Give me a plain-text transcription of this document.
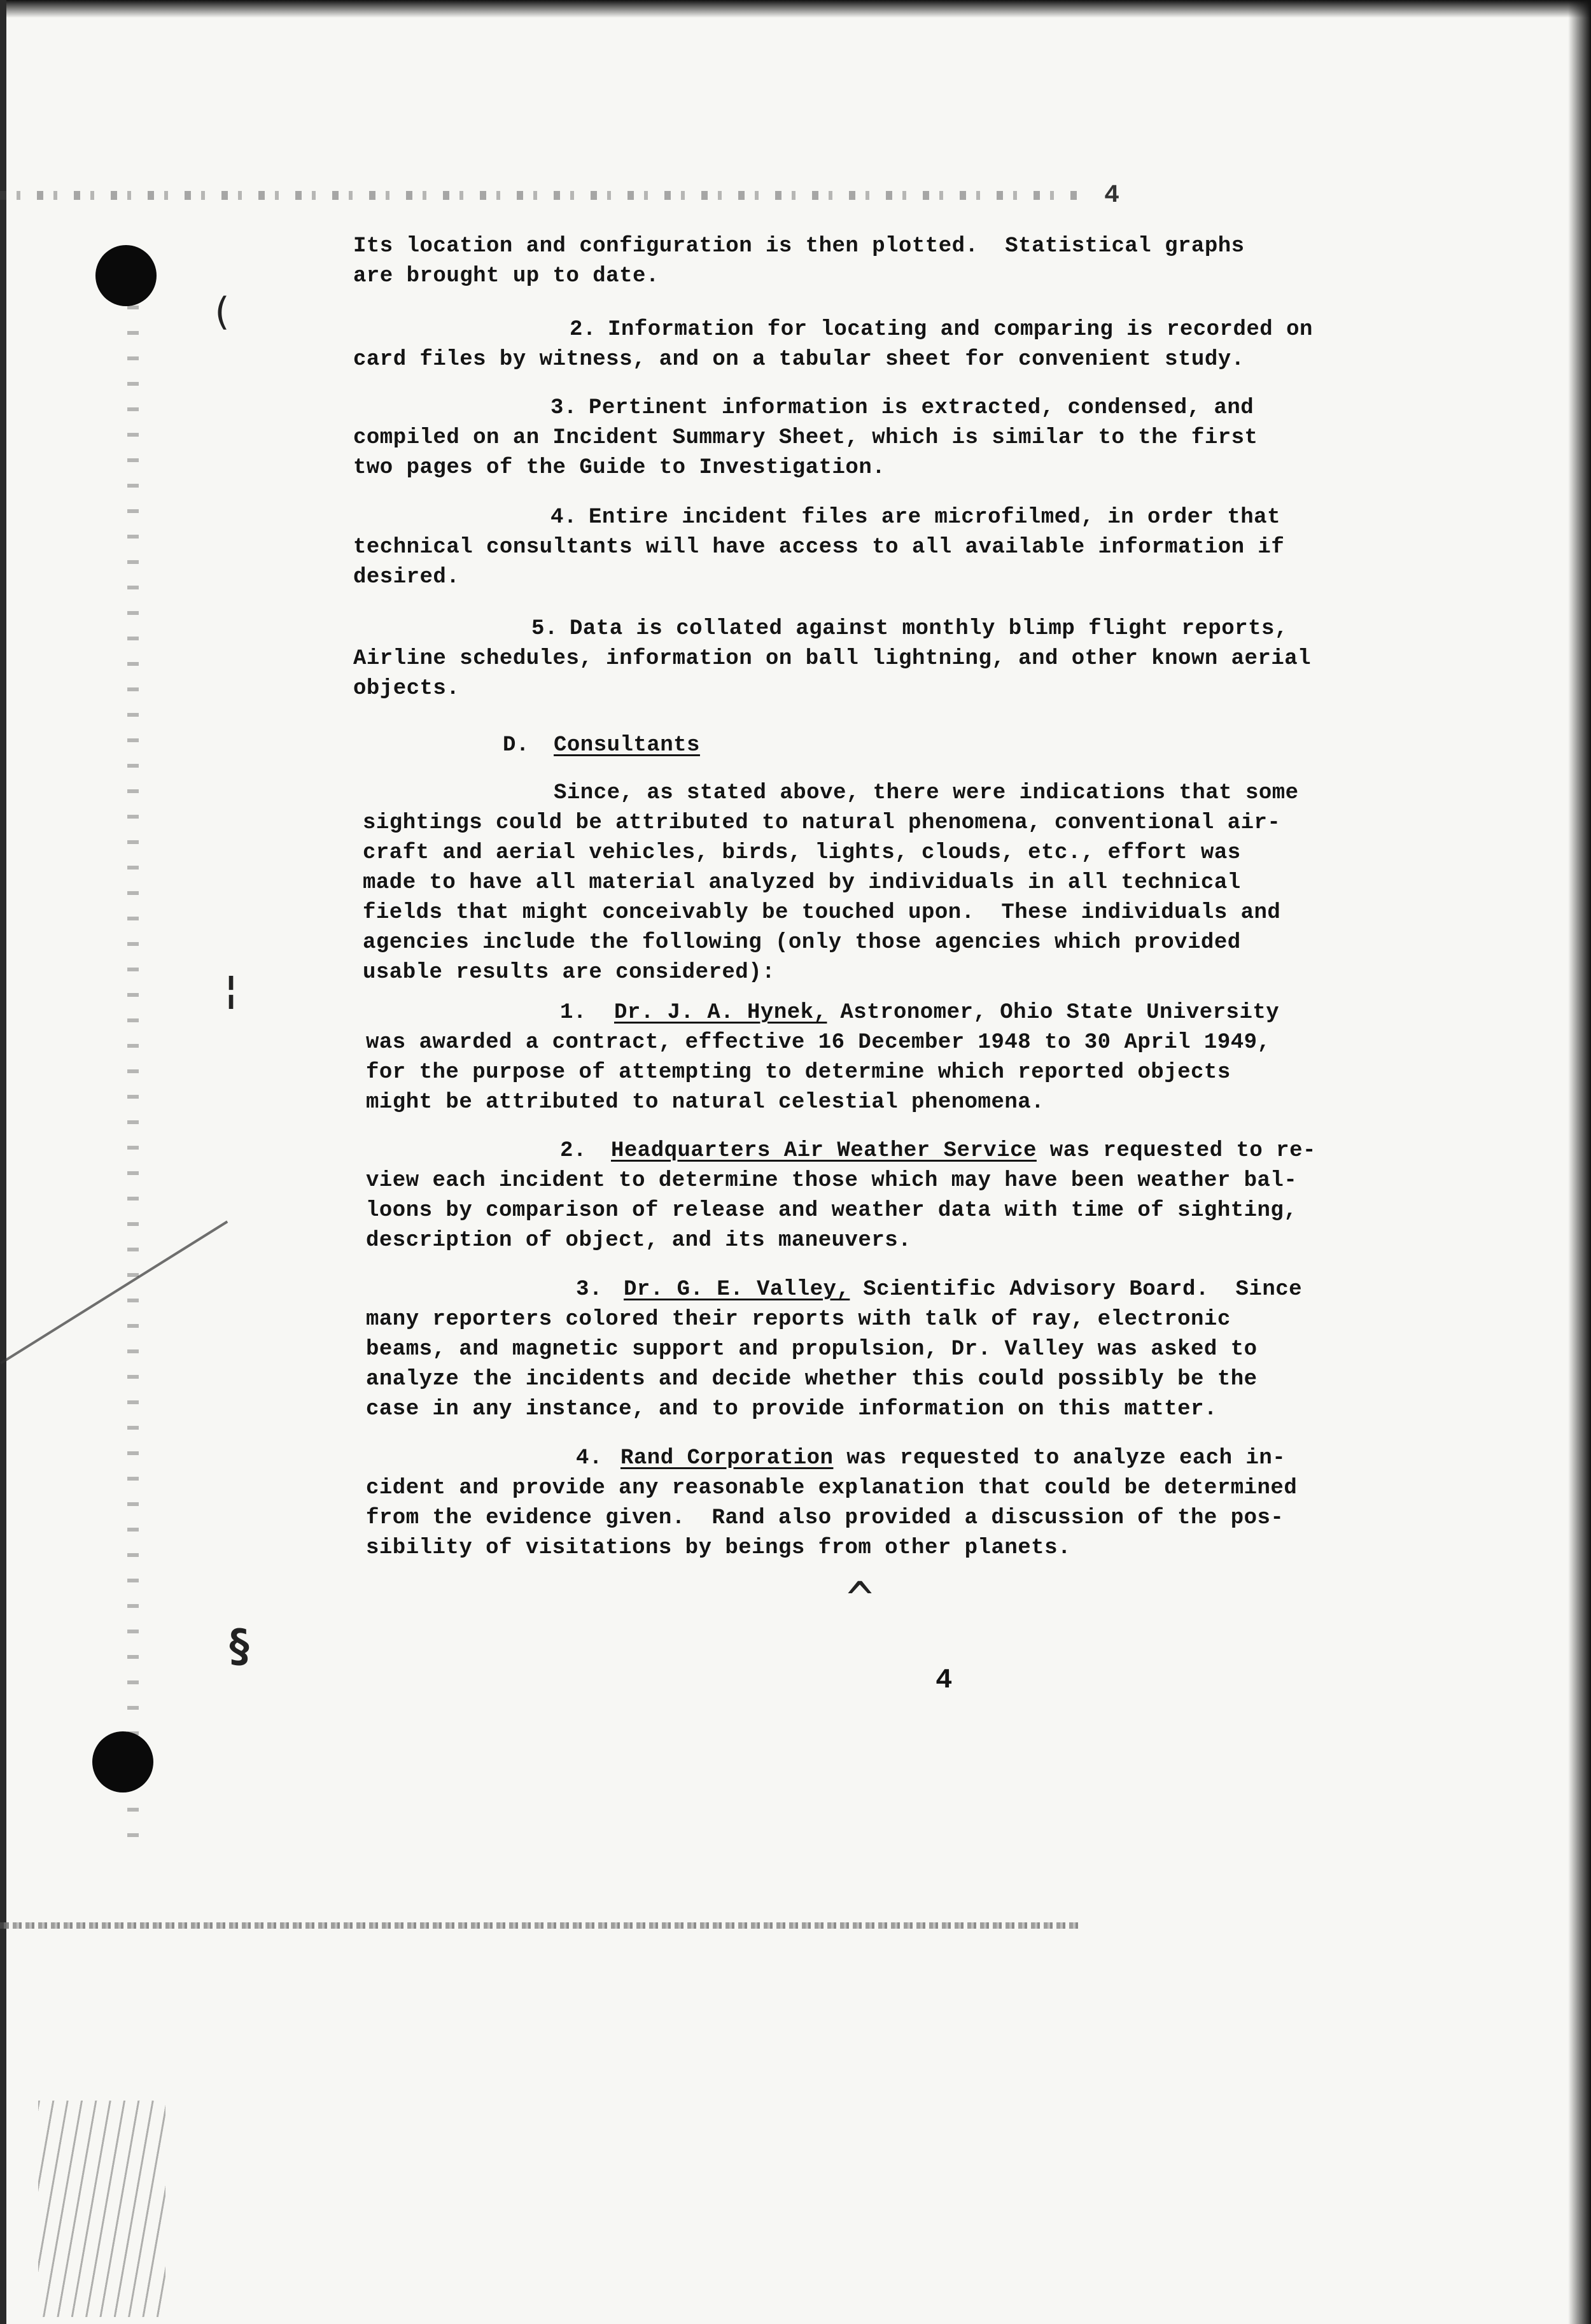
(
¦
§
^
4
Its location and configuration is then plotted.  Statistical graphs
are brought up to date.
2. Information for locating and comparing is recorded on
card files by witness, and on a tabular sheet for convenient study.
3. Pertinent information is extracted, condensed, and
compiled on an Incident Summary Sheet, which is similar to the first
two pages of the Guide to Investigation.
4. Entire incident files are microfilmed, in order that
technical consultants will have access to all available information if
desired.
5. Data is collated against monthly blimp flight reports,
Airline schedules, information on ball lightning, and other known aerial
objects.
D. Consultants
Since, as stated above, there were indications that some
sightings could be attributed to natural phenomena, conventional air-
craft and aerial vehicles, birds, lights, clouds, etc., effort was
made to have all material analyzed by individuals in all technical
fields that might conceivably be touched upon.  These individuals and
agencies include the following (only those agencies which provided
usable results are considered):
1. Dr. J. A. Hynek, Astronomer, Ohio State University
was awarded a contract, effective 16 December 1948 to 30 April 1949,
for the purpose of attempting to determine which reported objects
might be attributed to natural celestial phenomena.
2. Headquarters Air Weather Service was requested to re-
view each incident to determine those which may have been weather bal-
loons by comparison of release and weather data with time of sighting,
description of object, and its maneuvers.
3. Dr. G. E. Valley, Scientific Advisory Board.  Since
many reporters colored their reports with talk of ray, electronic
beams, and magnetic support and propulsion, Dr. Valley was asked to
analyze the incidents and decide whether this could possibly be the
case in any instance, and to provide information on this matter.
4. Rand Corporation was requested to analyze each in-
cident and provide any reasonable explanation that could be determined
from the evidence given.  Rand also provided a discussion of the pos-
sibility of visitations by beings from other planets.
4
